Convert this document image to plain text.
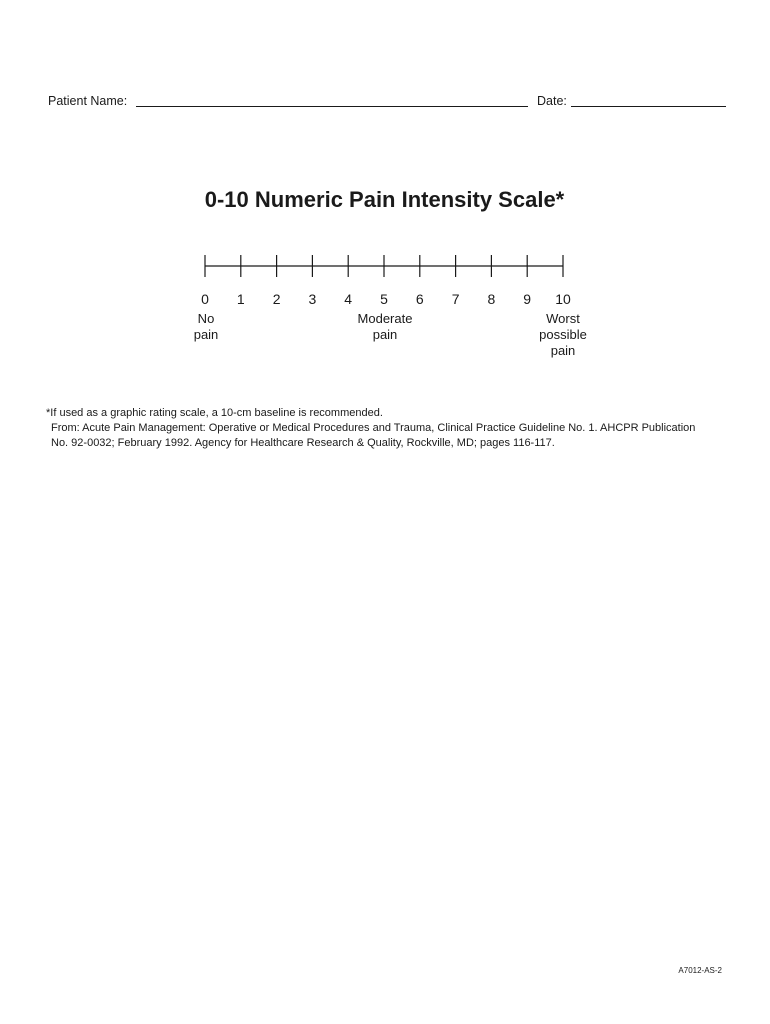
Patient Name:	Date:
0-10 Numeric Pain Intensity Scale*
0 1 2 3 4 5 6 7 8 9 10
No
pain
Moderate
pain
Worst
possible
pain
*If used as a graphic rating scale, a 10-cm baseline is recommended.
From: Acute Pain Management: Operative or Medical Procedures and Trauma, Clinical Practice Guideline No. 1. AHCPR Publication
No. 92-0032; February 1992. Agency for Healthcare Research & Quality, Rockville, MD; pages 116-117.
A7012-AS-2
